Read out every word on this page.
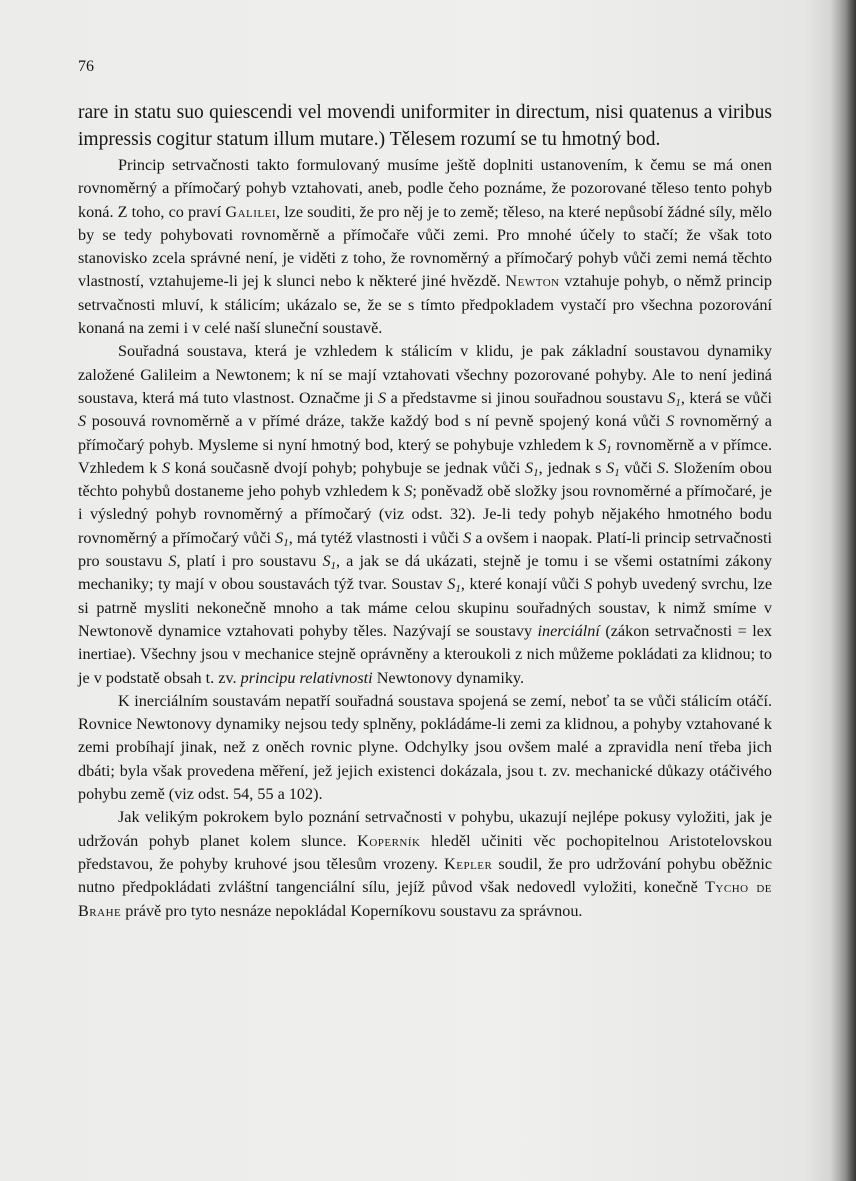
76

rare in statu suo quiescendi vel movendi uniformiter in directum, nisi quatenus a viribus impressis cogitur statum illum mutare.) Tělesem rozumí se tu hmotný bod.

Princip setrvačnosti takto formulovaný musíme ještě doplniti ustanovením, k čemu se má onen rovnoměrný a přímočarý pohyb vztahovati, aneb, podle čeho poznáme, že pozorované těleso tento pohyb koná. Z toho, co praví Galilei, lze souditi, že pro něj je to země; těleso, na které nepůsobí žádné síly, mělo by se tedy pohybovati rovnoměrně a přímočaře vůči zemi. Pro mnohé účely to stačí; že však toto stanovisko zcela správné není, je viděti z toho, že rovnoměrný a přímočarý pohyb vůči zemi nemá těchto vlastností, vztahujeme-li jej k slunci nebo k některé jiné hvězdě. Newton vztahuje pohyb, o němž princip setrvačnosti mluví, k stálicím; ukázalo se, že se s tímto předpokladem vystačí pro všechna pozorování konaná na zemi i v celé naší sluneční soustavě.

Souřadná soustava, která je vzhledem k stálicím v klidu, je pak základní soustavou dynamiky založené Galileim a Newtonem; k ní se mají vztahovati všechny pozorované pohyby. Ale to není jediná soustava, která má tuto vlastnost. Označme ji S a představme si jinou souřadnou soustavu $S_1$, která se vůči S posouvá rovnoměrně a v přímé dráze, takže každý bod s ní pevně spojený koná vůči S rovnoměrný a přímočarý pohyb. Mysleme si nyní hmotný bod, který se pohybuje vzhledem k $S_1$ rovnoměrně a v přímce. Vzhledem k S koná současně dvojí pohyb; pohybuje se jednak vůči $S_1$, jednak s $S_1$ vůči S. Složením obou těchto pohybů dostaneme jeho pohyb vzhledem k S; poněvadž obě složky jsou rovnoměrné a přímočaré, je i výsledný pohyb rovnoměrný a přímočarý (viz odst. 32). Je-li tedy pohyb nějakého hmotného bodu rovnoměrný a přímočarý vůči $S_1$, má tytéž vlastnosti i vůči S a ovšem i naopak. Platí-li princip setrvačnosti pro soustavu S, platí i pro soustavu $S_1$, a jak se dá ukázati, stejně je tomu i se všemi ostatními zákony mechaniky; ty mají v obou soustavách týž tvar. Soustav $S_1$, které konají vůči S pohyb uvedený svrchu, lze si patrně mysliti nekonečně mnoho a tak máme celou skupinu souřadných soustav, k nimž smíme v Newtonově dynamice vztahovati pohyby těles. Nazývají se soustavy inerciální (zákon setrvačnosti = lex inertiae). Všechny jsou v mechanice stejně oprávněny a kteroukoli z nich můžeme pokládati za klidnou; to je v podstatě obsah t. zv. principu relativnosti Newtonovy dynamiky.

K inerciálním soustavám nepatří souřadná soustava spojená se zemí, neboť ta se vůči stálicím otáčí. Rovnice Newtonovy dynamiky nejsou tedy splněny, pokládáme-li zemi za klidnou, a pohyby vztahované k zemi probíhají jinak, než z oněch rovnic plyne. Odchylky jsou ovšem malé a zpravidla není třeba jich dbáti; byla však provedena měření, jež jejich existenci dokázala, jsou t. zv. mechanické důkazy otáčivého pohybu země (viz odst. 54, 55 a 102).

Jak velikým pokrokem bylo poznání setrvačnosti v pohybu, ukazují nejlépe pokusy vyložiti, jak je udržován pohyb planet kolem slunce. Koperník hleděl učiniti věc pochopitelnou Aristotelovskou představou, že pohyby kruhové jsou tělesům vrozeny. Kepler soudil, že pro udržování pohybu oběžnic nutno předpokládati zvláštní tangenciální sílu, jejíž původ však nedovedl vyložiti, konečně Tycho de Brahe právě pro tyto nesnáze nepokládal Koperníkovu soustavu za správnou.
